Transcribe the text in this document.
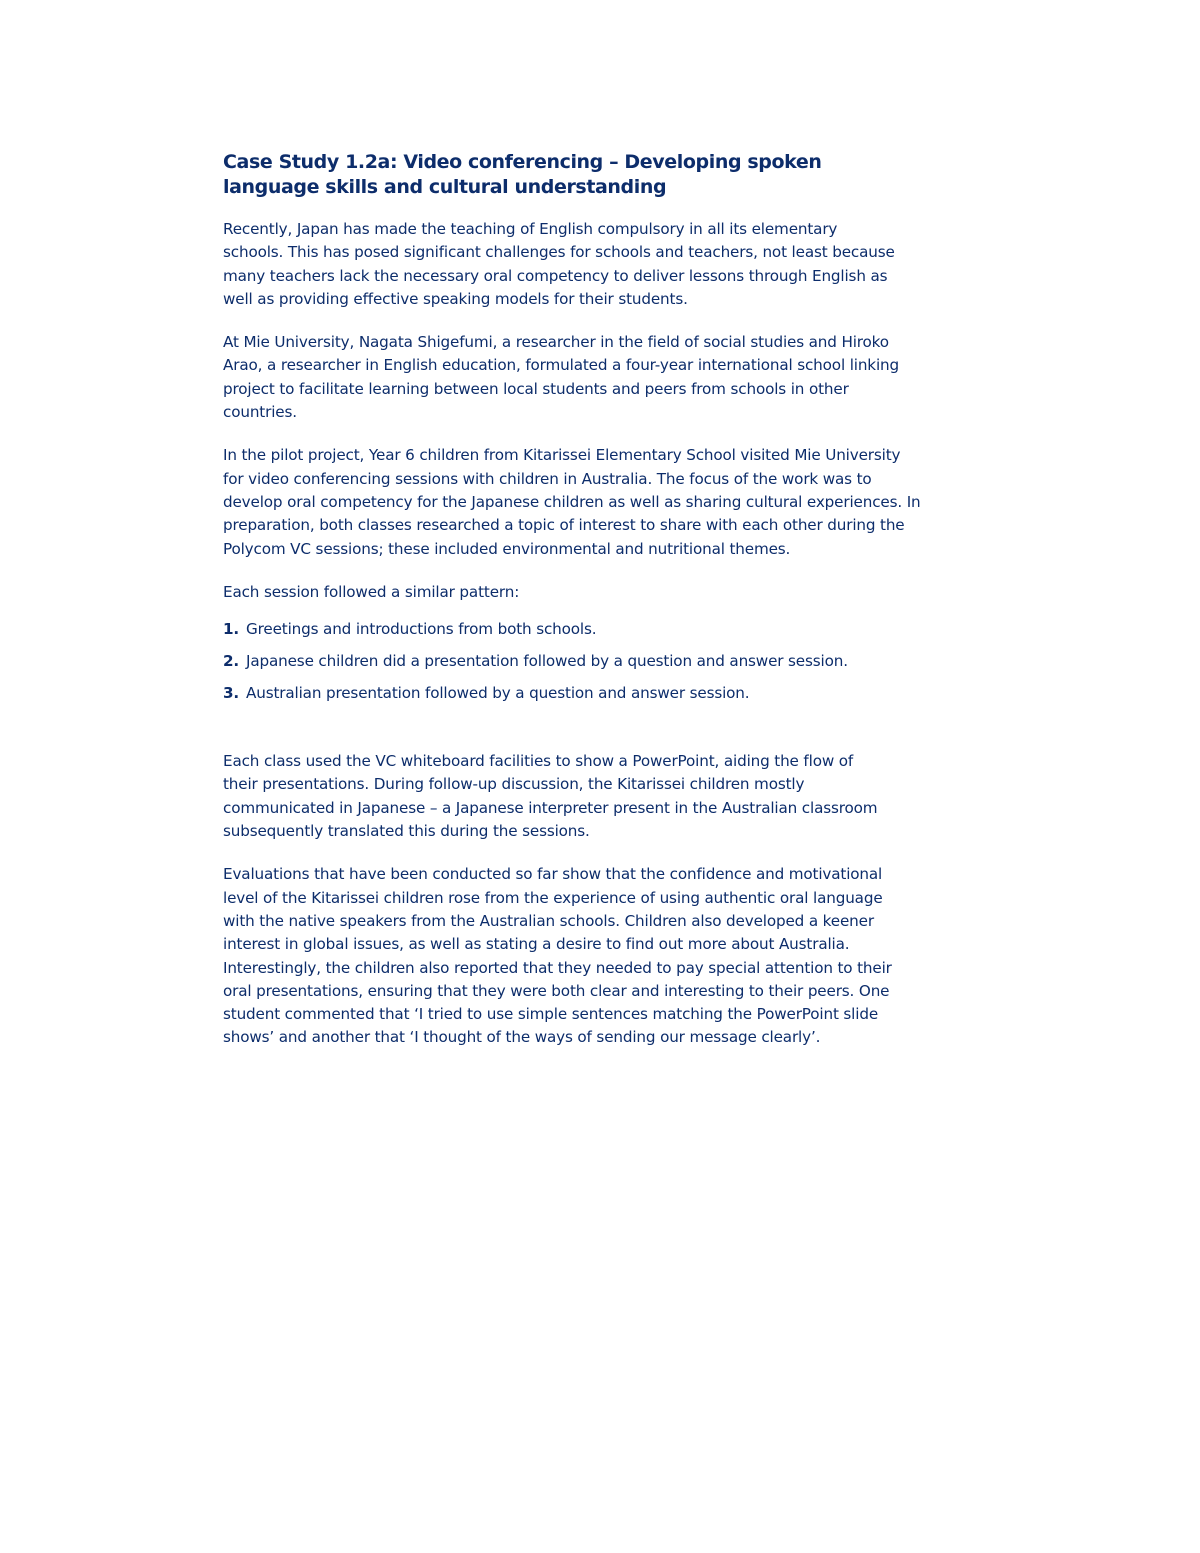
Case Study 1.2a: Video conferencing – Developing spoken language skills and cultural understanding

Recently, Japan has made the teaching of English compulsory in all its elementary schools. This has posed significant challenges for schools and teachers, not least because many teachers lack the necessary oral competency to deliver lessons through English as well as providing effective speaking models for their students.

At Mie University, Nagata Shigefumi, a researcher in the field of social studies and Hiroko Arao, a researcher in English education, formulated a four-year international school linking project to facilitate learning between local students and peers from schools in other countries.

In the pilot project, Year 6 children from Kitarissei Elementary School visited Mie University for video conferencing sessions with children in Australia. The focus of the work was to develop oral competency for the Japanese children as well as sharing cultural experiences. In preparation, both classes researched a topic of interest to share with each other during the Polycom VC sessions; these included environmental and nutritional themes.

Each session followed a similar pattern:

1. Greetings and introductions from both schools.
2. Japanese children did a presentation followed by a question and answer session.
3. Australian presentation followed by a question and answer session.

Each class used the VC whiteboard facilities to show a PowerPoint, aiding the flow of their presentations. During follow-up discussion, the Kitarissei children mostly communicated in Japanese – a Japanese interpreter present in the Australian classroom subsequently translated this during the sessions.

Evaluations that have been conducted so far show that the confidence and motivational level of the Kitarissei children rose from the experience of using authentic oral language with the native speakers from the Australian schools. Children also developed a keener interest in global issues, as well as stating a desire to find out more about Australia. Interestingly, the children also reported that they needed to pay special attention to their oral presentations, ensuring that they were both clear and interesting to their peers. One student commented that ‘I tried to use simple sentences matching the PowerPoint slide shows’ and another that ‘I thought of the ways of sending our message clearly’.
